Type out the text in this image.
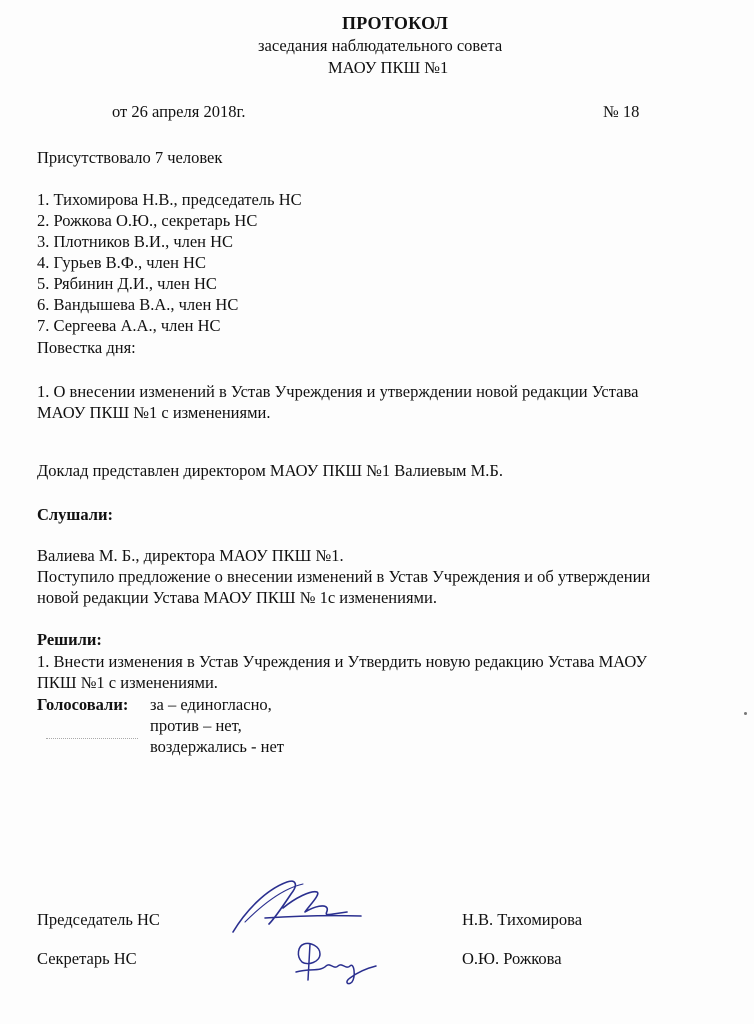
ПРОТОКОЛ
заседания наблюдательного совета
МАОУ ПКШ №1
от 26 апреля 2018г.	№ 18
Присутствовало 7 человек
1. Тихомирова Н.В., председатель НС
2. Рожкова О.Ю., секретарь НС
3. Плотников В.И., член НС
4. Гурьев В.Ф., член НС
5. Рябинин Д.И., член НС
6. Вандышева В.А., член НС
7. Сергеева А.А., член НС
Повестка дня:
1. О внесении изменений в Устав Учреждения и утверждении новой редакции Устава
МАОУ ПКШ №1 с изменениями.
Доклад представлен директором МАОУ ПКШ №1 Валиевым М.Б.
Слушали:
Валиева М. Б., директора МАОУ ПКШ №1.
Поступило предложение о внесении изменений в Устав Учреждения и об утверждении
новой редакции Устава МАОУ ПКШ № 1с изменениями.
Решили:
1. Внести изменения в Устав Учреждения и Утвердить новую редакцию Устава МАОУ
ПКШ №1 с изменениями.
Голосовали: за – единогласно,
против – нет,
воздержались - нет
Председатель НС	Н.В. Тихомирова
Секретарь НС	О.Ю. Рожкова
